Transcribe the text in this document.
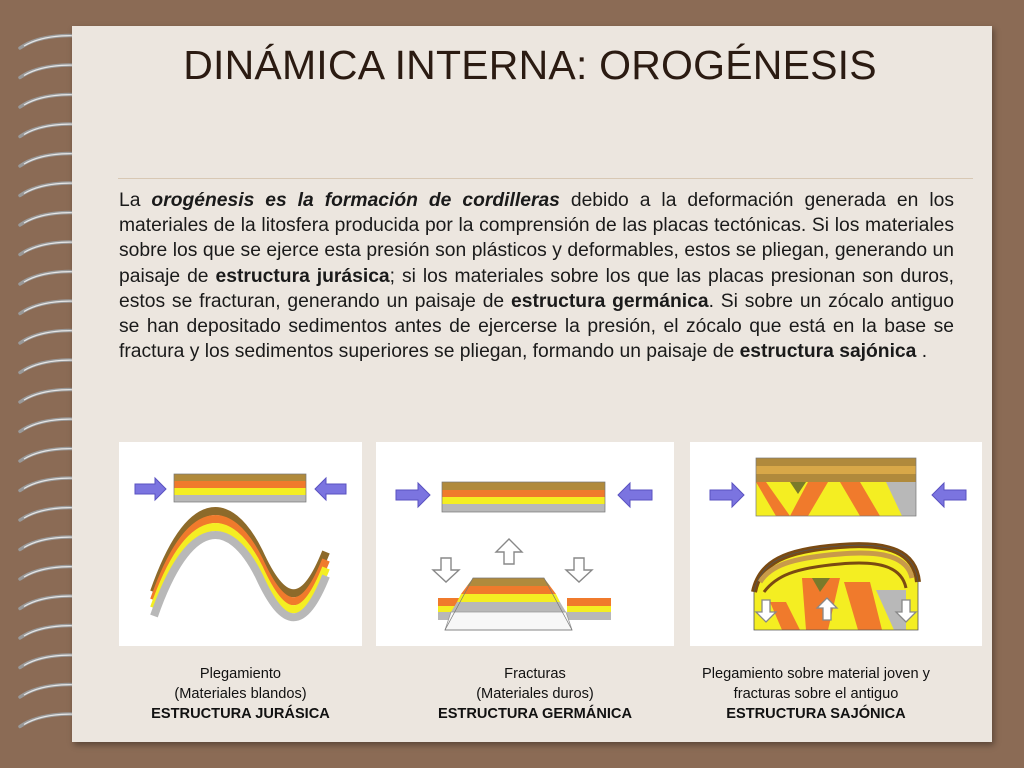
DINÁMICA INTERNA: OROGÉNESIS
La orogénesis es la formación de cordilleras debido a la deformación generada en los materiales de la litosfera producida por la comprensión de las placas tectónicas. Si los materiales sobre los que se ejerce esta presión son plásticos y deformables, estos se pliegan, generando un paisaje de estructura jurásica; si los materiales sobre los que las placas presionan son duros, estos se fracturan, generando un paisaje de estructura germánica. Si sobre un zócalo antiguo se han depositado sedimentos antes de ejercerse la presión, el zócalo que está en la base se fractura y los sedimentos superiores se pliegan, formando un paisaje de estructura sajónica .
Plegamiento
(Materiales blandos)
ESTRUCTURA JURÁSICA
Fracturas
(Materiales duros)
ESTRUCTURA GERMÁNICA
Plegamiento sobre material joven y
fracturas sobre el antiguo
ESTRUCTURA SAJÓNICA
